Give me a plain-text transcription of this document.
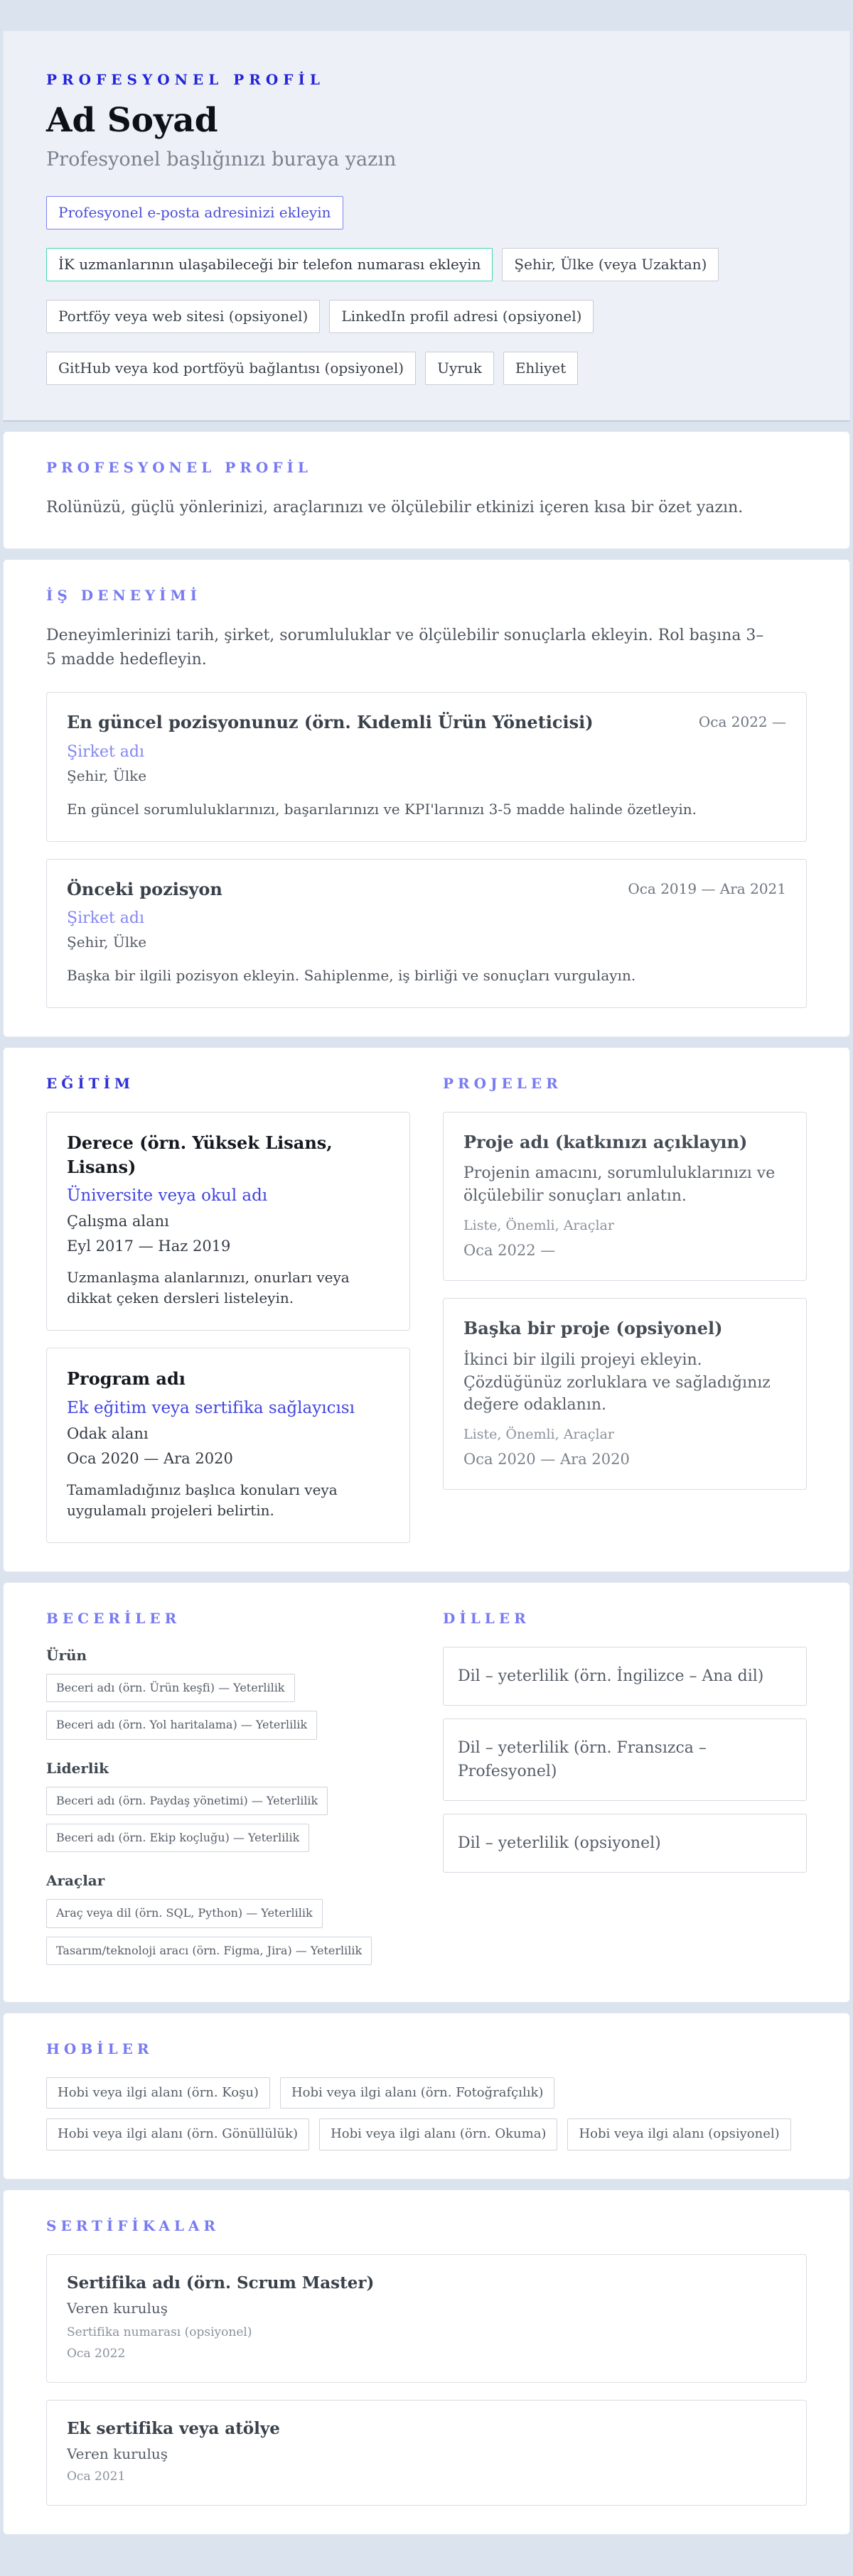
PROFESYONEL PROFİL
Ad Soyad
Profesyonel başlığınızı buraya yazın
Profesyonel e-posta adresinizi ekleyin
İK uzmanlarının ulaşabileceği bir telefon numarası ekleyin	Şehir, Ülke (veya Uzaktan)
Portföy veya web sitesi (opsiyonel)	LinkedIn profil adresi (opsiyonel)
GitHub veya kod portföyü bağlantısı (opsiyonel)	Uyruk	Ehliyet
PROFESYONEL PROFİL

Rolünüzü, güçlü yönlerinizi, araçlarınızı ve ölçülebilir etkinizi içeren kısa bir özet yazın.

İŞ DENEYİMİ

Deneyimlerinizi tarih, şirket, sorumluluklar ve ölçülebilir sonuçlarla ekleyin. Rol başına 3–5 madde hedefleyin.

En güncel pozisyonunuz (örn. Kıdemli Ürün Yöneticisi)	Oca 2022 —
Şirket adı
Şehir, Ülke

En güncel sorumluluklarınızı, başarılarınızı ve KPI'larınızı 3-5 madde halinde özetleyin.

Önceki pozisyon	Oca 2019 — Ara 2021
Şirket adı
Şehir, Ülke

Başka bir ilgili pozisyon ekleyin. Sahiplenme, iş birliği ve sonuçları vurgulayın.

EĞİTİM
Derece (örn. Yüksek Lisans, Lisans)
Üniversite veya okul adı
Çalışma alanı
Eyl 2017 — Haz 2019

Uzmanlaşma alanlarınızı, onurları veya dikkat çeken dersleri listeleyin.

Program adı
Ek eğitim veya sertifika sağlayıcısı
Odak alanı
Oca 2020 — Ara 2020

Tamamladığınız başlıca konuları veya uygulamalı projeleri belirtin.

PROJELER
Proje adı (katkınızı açıklayın)

Projenin amacını, sorumluluklarınızı ve ölçülebilir sonuçları anlatın.

Liste, Önemli, Araçlar
Oca 2022 —
Başka bir proje (opsiyonel)

İkinci bir ilgili projeyi ekleyin. Çözdüğünüz zorluklara ve sağladığınız değere odaklanın.

Liste, Önemli, Araçlar
Oca 2020 — Ara 2020
BECERİLER
Ürün
Beceri adı (örn. Ürün keşfi) — Yeterlilik
Beceri adı (örn. Yol haritalama) — Yeterlilik
Liderlik
Beceri adı (örn. Paydaş yönetimi) — Yeterlilik
Beceri adı (örn. Ekip koçluğu) — Yeterlilik
Araçlar
Araç veya dil (örn. SQL, Python) — Yeterlilik
Tasarım/teknoloji aracı (örn. Figma, Jira) — Yeterlilik
DİLLER
Dil – yeterlilik (örn. İngilizce – Ana dil)
Dil – yeterlilik (örn. Fransızca – Profesyonel)
Dil – yeterlilik (opsiyonel)
HOBİLER
Hobi veya ilgi alanı (örn. Koşu)	Hobi veya ilgi alanı (örn. Fotoğrafçılık)
Hobi veya ilgi alanı (örn. Gönüllülük)	Hobi veya ilgi alanı (örn. Okuma)	Hobi veya ilgi alanı (opsiyonel)
SERTİFİKALAR
Sertifika adı (örn. Scrum Master)
Veren kuruluş
Sertifika numarası (opsiyonel)
Oca 2022
Ek sertifika veya atölye
Veren kuruluş
Oca 2021
